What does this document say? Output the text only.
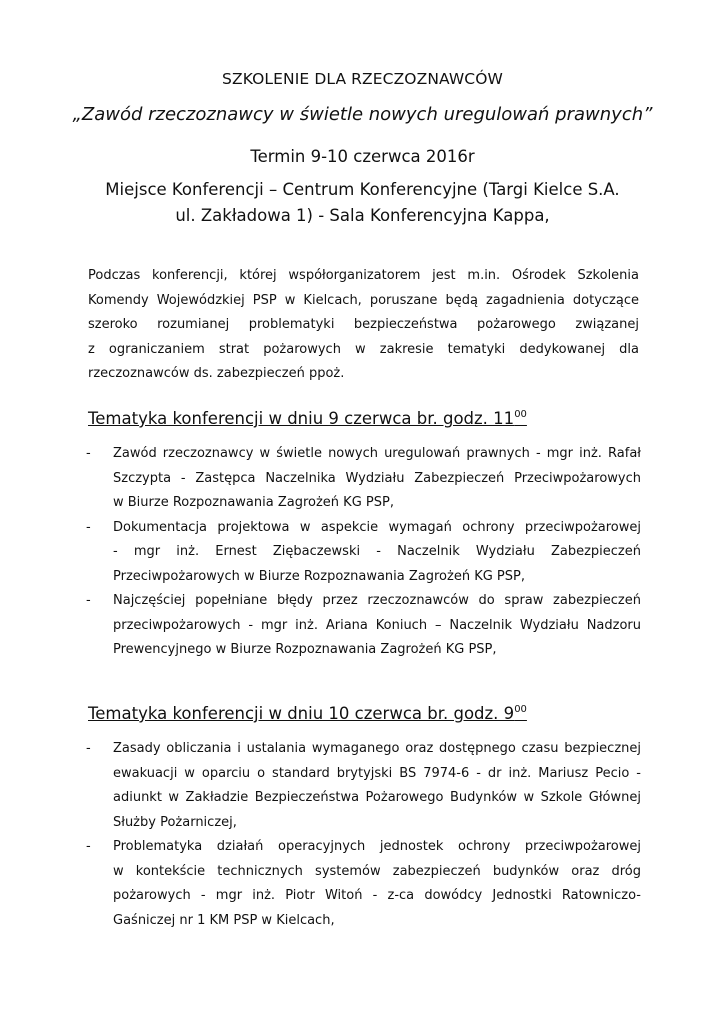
SZKOLENIE DLA RZECZOZNAWCÓW
„Zawód rzeczoznawcy w świetle nowych uregulowań prawnych”
Termin 9-10 czerwca 2016r
Miejsce Konferencji – Centrum Konferencyjne (Targi Kielce S.A.
ul. Zakładowa 1) - Sala Konferencyjna Kappa,
Podczas konferencji, której współorganizatorem jest m.in. Ośrodek Szkolenia
Komendy Wojewódzkiej PSP w Kielcach, poruszane będą zagadnienia dotyczące
szeroko rozumianej problematyki bezpieczeństwa pożarowego związanej
z ograniczaniem strat pożarowych w zakresie tematyki dedykowanej dla
rzeczoznawców ds. zabezpieczeń ppoż.
Tematyka konferencji w dniu 9 czerwca br. godz. $11^{00}$
- Zawód rzeczoznawcy w świetle nowych uregulowań prawnych - mgr inż. Rafał
Szczypta - Zastępca Naczelnika Wydziału Zabezpieczeń Przeciwpożarowych
w Biurze Rozpoznawania Zagrożeń KG PSP,
- Dokumentacja projektowa w aspekcie wymagań ochrony przeciwpożarowej
- mgr inż. Ernest Ziębaczewski - Naczelnik Wydziału Zabezpieczeń
Przeciwpożarowych w Biurze Rozpoznawania Zagrożeń KG PSP,
- Najczęściej popełniane błędy przez rzeczoznawców do spraw zabezpieczeń
przeciwpożarowych - mgr inż. Ariana Koniuch – Naczelnik Wydziału Nadzoru
Prewencyjnego w Biurze Rozpoznawania Zagrożeń KG PSP,
Tematyka konferencji w dniu 10 czerwca br. godz. $9^{00}$
- Zasady obliczania i ustalania wymaganego oraz dostępnego czasu bezpiecznej
ewakuacji w oparciu o standard brytyjski BS 7974-6 - dr inż. Mariusz Pecio -
adiunkt w Zakładzie Bezpieczeństwa Pożarowego Budynków w Szkole Głównej
Służby Pożarniczej,
- Problematyka działań operacyjnych jednostek ochrony przeciwpożarowej
w kontekście technicznych systemów zabezpieczeń budynków oraz dróg
pożarowych - mgr inż. Piotr Witoń - z-ca dowódcy Jednostki Ratowniczo-
Gaśniczej nr 1 KM PSP w Kielcach,
